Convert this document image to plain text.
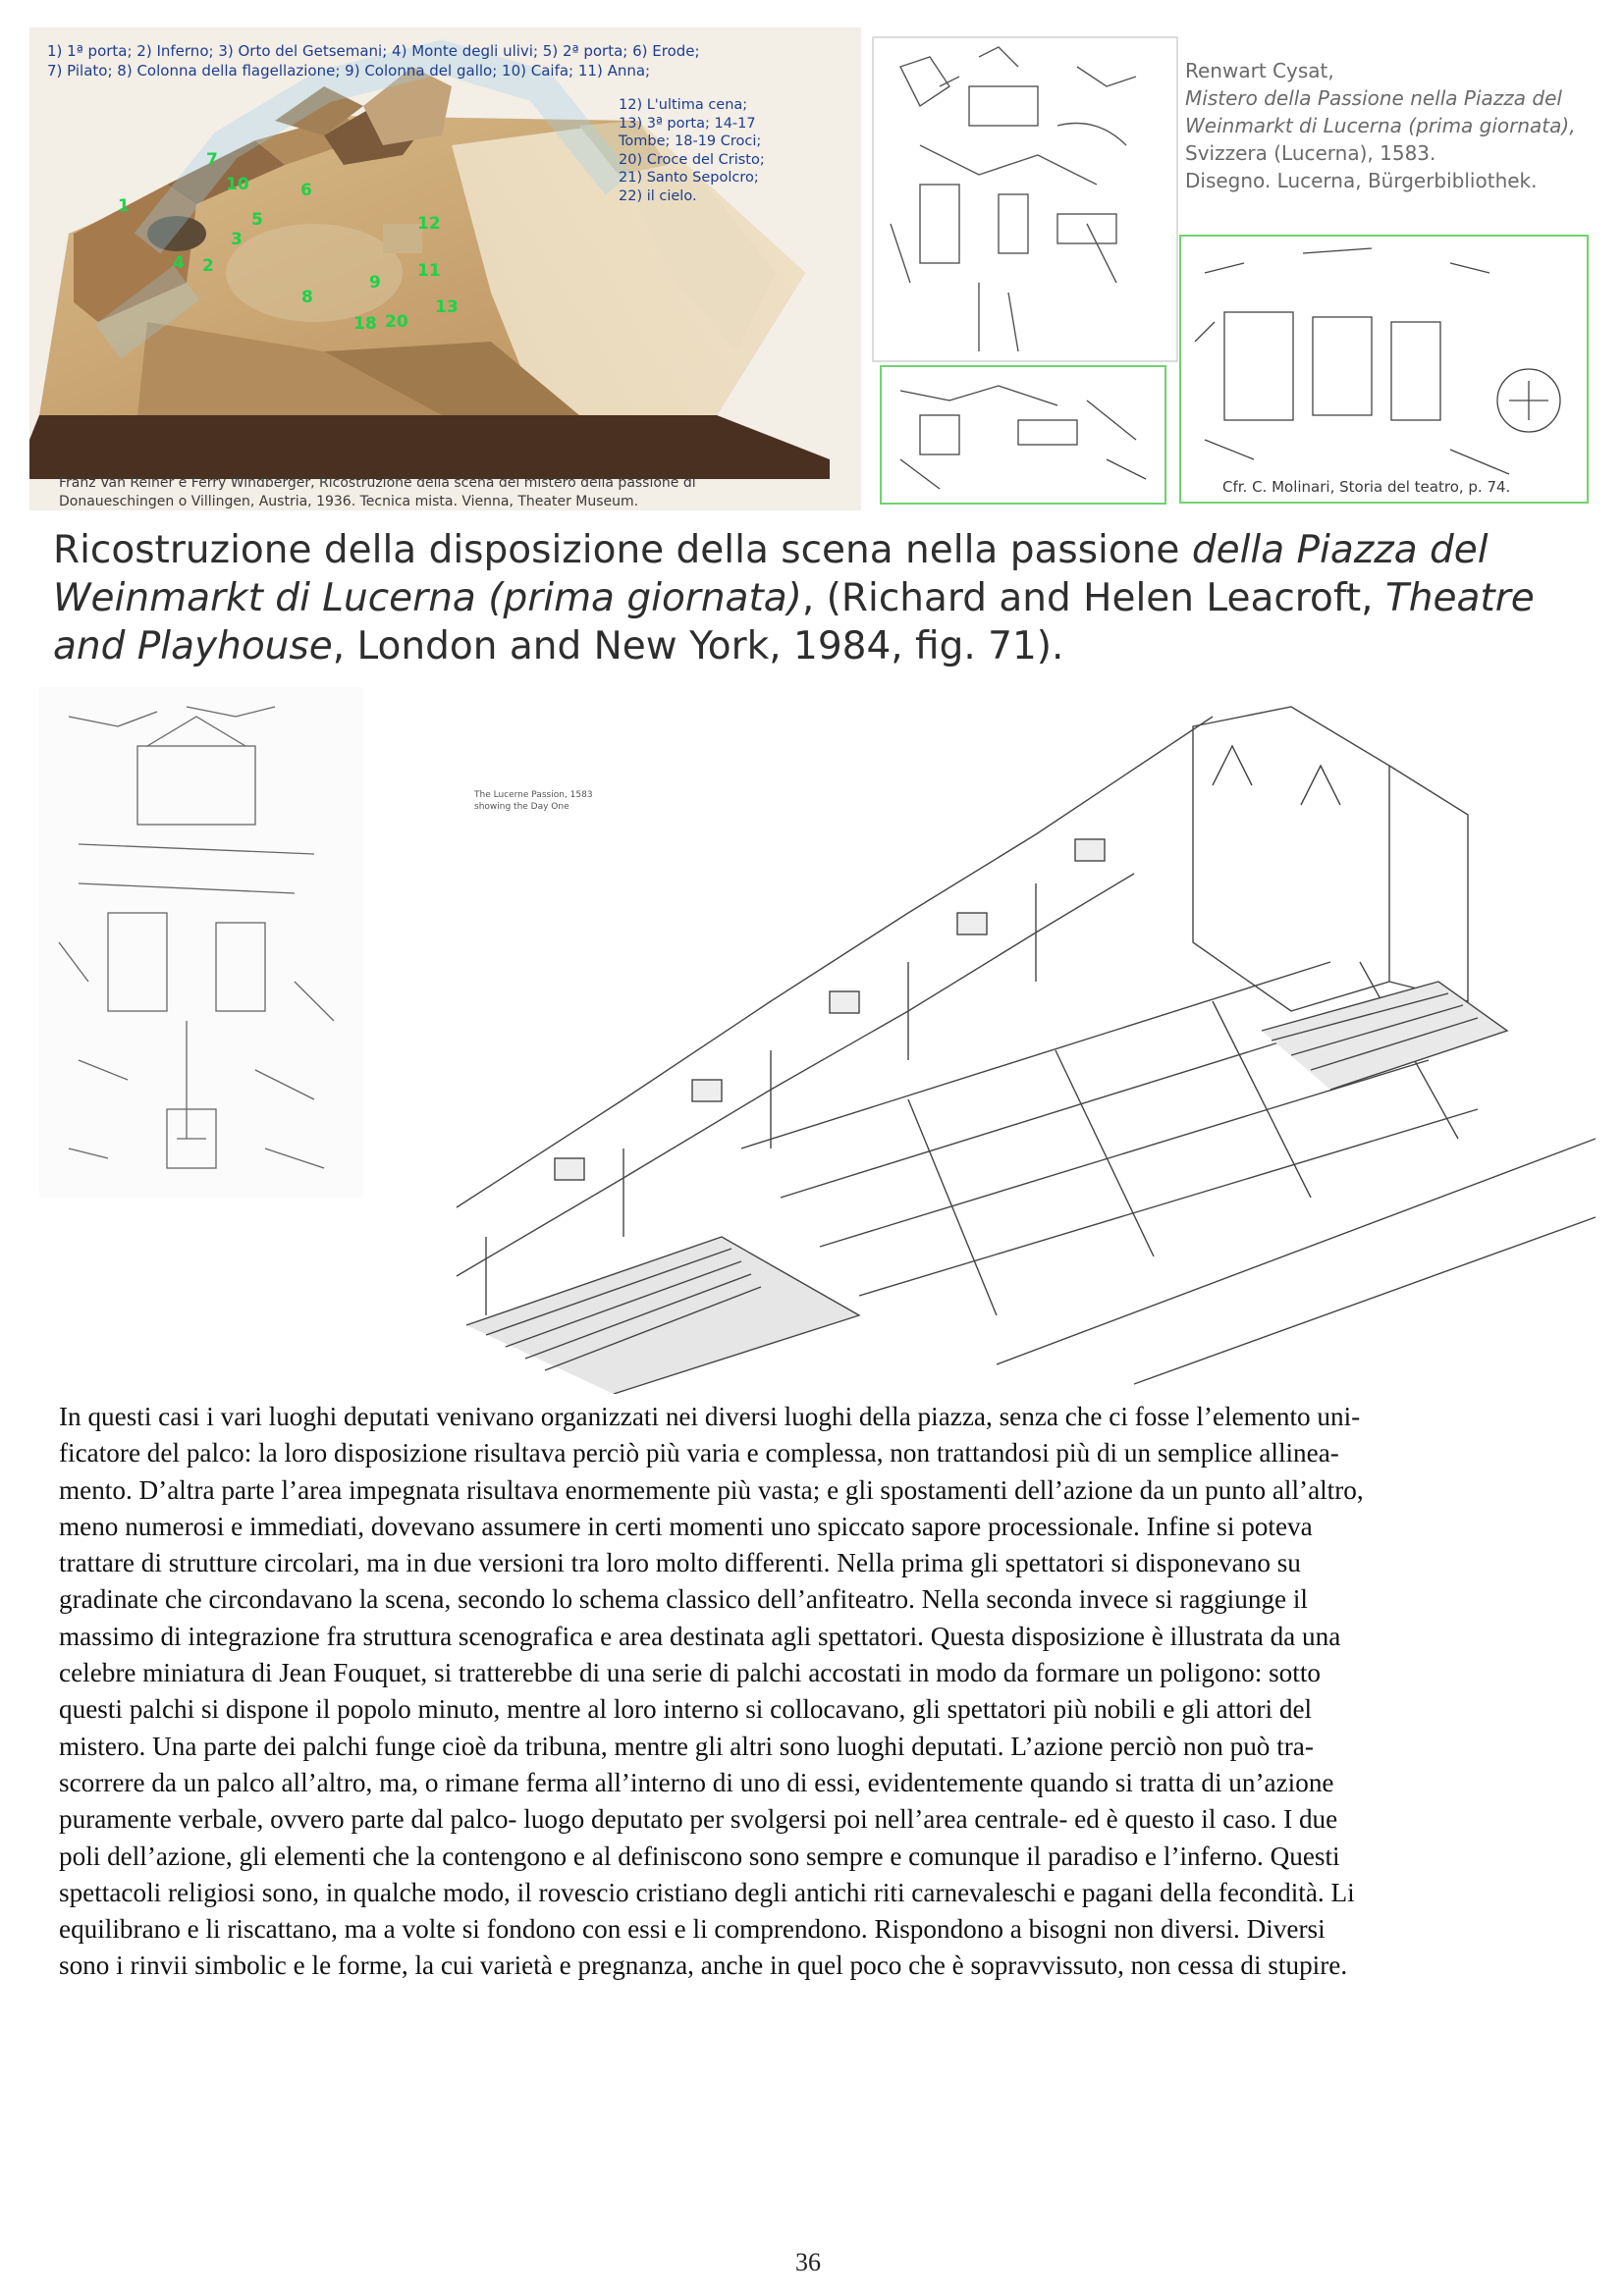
1) 1ª porta; 2) Inferno; 3) Orto del Getsemani; 4) Monte degli ulivi; 5) 2ª porta; 6) Erode;
7) Pilato; 8) Colonna della flagellazione; 9) Colonna del gallo; 10) Caifa; 11) Anna;
12) L'ultima cena;
13) 3ª porta; 14-17
Tombe; 18-19 Croci;
20) Croce del Cristo;
21) Santo Sepolcro;
22) il cielo.
1
2
3
4
5
6
7
8
9
20
11
12
13
18
10
Franz Van Reiner e Ferry Windberger, Ricostruzione della scena del mistero della passione di
Donaueschingen o Villingen, Austria, 1936. Tecnica mista. Vienna, Theater Museum.
Renwart Cysat,
Mistero della Passione nella Piazza del
Weinmarkt di Lucerna (prima giornata),
Svizzera (Lucerna), 1583.
Disegno. Lucerna, Bürgerbibliothek.
Cfr. C. Molinari, Storia del teatro, p. 74.
Ricostruzione della disposizione della scena nella passione della Piazza del
Weinmarkt di Lucerna (prima giornata), (Richard and Helen Leacroft, Theatre
and Playhouse, London and New York, 1984, fig. 71).
The Lucerne Passion, 1583
showing the Day One
In questi casi i vari luoghi deputati venivano organizzati nei diversi luoghi della piazza, senza che ci fosse l’elemento uni-
ficatore del palco: la loro disposizione risultava perciò più varia e complessa, non trattandosi più di un semplice allinea-
mento. D’altra parte l’area impegnata risultava enormemente più vasta; e gli spostamenti dell’azione da un punto all’altro,
meno numerosi e immediati, dovevano assumere in certi momenti uno spiccato sapore processionale. Infine si poteva
trattare di strutture circolari, ma in due versioni tra loro molto differenti. Nella prima gli spettatori si disponevano su
gradinate che circondavano la scena, secondo lo schema classico dell’anfiteatro. Nella seconda invece si raggiunge il
massimo di integrazione fra struttura scenografica e area destinata agli spettatori. Questa disposizione è illustrata da una
celebre miniatura di Jean Fouquet, si tratterebbe di una serie di palchi accostati in modo da formare un poligono: sotto
questi palchi si dispone il popolo minuto, mentre al loro interno si collocavano, gli spettatori più nobili e gli attori del
mistero. Una parte dei palchi funge cioè da tribuna, mentre gli altri sono luoghi deputati. L’azione perciò non può tra-
scorrere da un palco all’altro, ma, o rimane ferma all’interno di uno di essi, evidentemente quando si tratta di un’azione
puramente verbale, ovvero parte dal palco- luogo deputato per svolgersi poi nell’area centrale- ed è questo il caso. I due
poli dell’azione, gli elementi che la contengono e al definiscono sono sempre e comunque il paradiso e l’inferno. Questi
spettacoli religiosi sono, in qualche modo, il rovescio cristiano degli antichi riti carnevaleschi e pagani della fecondità. Li
equilibrano e li riscattano, ma a volte si fondono con essi e li comprendono. Rispondono a bisogni non diversi. Diversi
sono i rinvii simbolic e le forme, la cui varietà e pregnanza, anche in quel poco che è sopravvissuto, non cessa di stupire.
36
